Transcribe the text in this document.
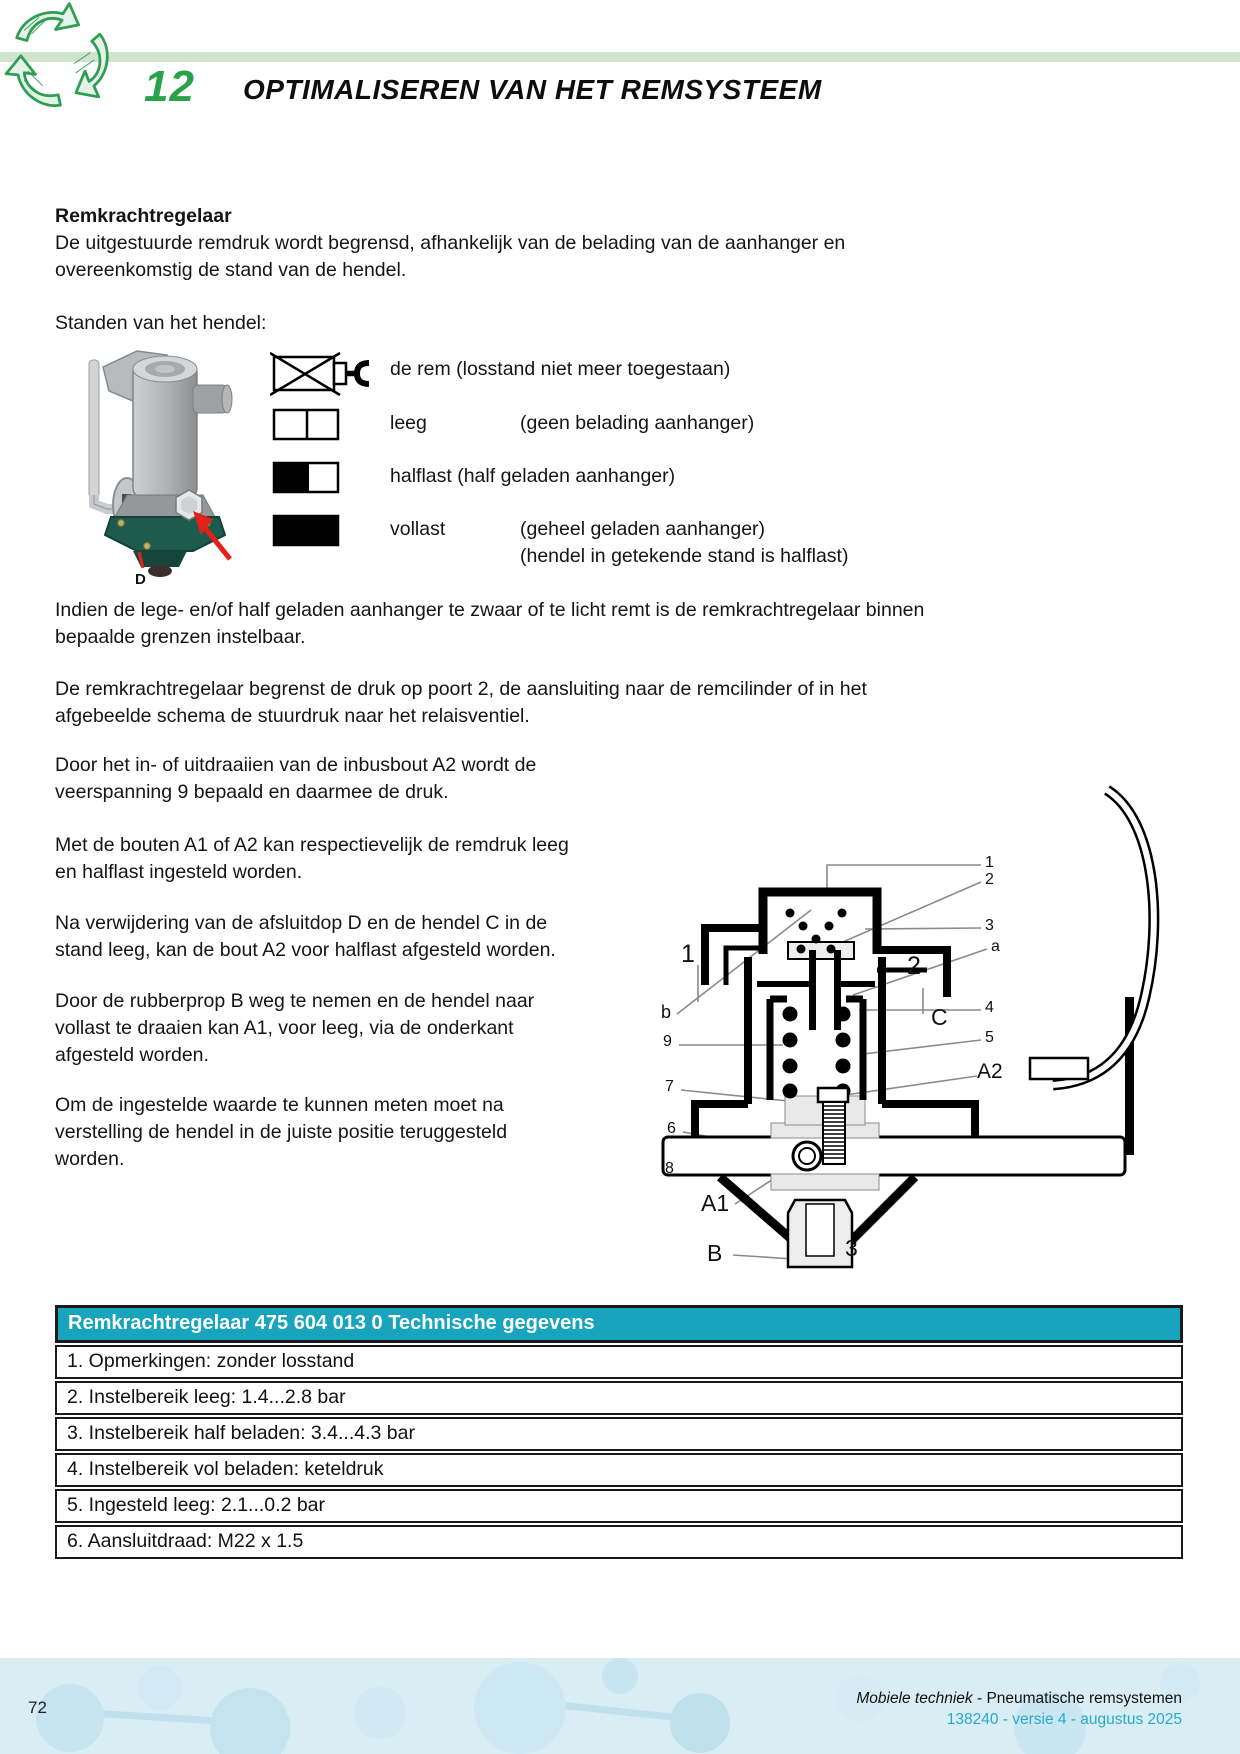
12 OPTIMALISEREN VAN HET REMSYSTEEM
Remkrachtregelaar
De uitgestuurde remdruk wordt begrensd, afhankelijk van de belading van de aanhanger en
overeenkomstig de stand van de hendel.
Standen van het hendel:
D
de rem (losstand niet meer toegestaan)
leeg	(geen belading aanhanger)
halflast (half geladen aanhanger)
vollast	(geheel geladen aanhanger)
(hendel in getekende stand is halflast)
Indien de lege- en/of half geladen aanhanger te zwaar of te licht remt is de remkrachtregelaar binnen
bepaalde grenzen instelbaar.
De remkrachtregelaar begrenst de druk op poort 2, de aansluiting naar de remcilinder of in het
afgebeelde schema de stuurdruk naar het relaisventiel.
Door het in- of uitdraaiien van de inbusbout A2 wordt de
veerspanning 9 bepaald en daarmee de druk.
Met de bouten A1 of A2 kan respectievelijk de remdruk leeg
en halflast ingesteld worden.
Na verwijdering van de afsluitdop D en de hendel C in de
stand leeg, kan de bout A2 voor halflast afgesteld worden.
Door de rubberprop B weg te nemen en de hendel naar
vollast te draaien kan A1, voor leeg, via de onderkant
afgesteld worden.
Om de ingestelde waarde te kunnen meten moet na
verstelling de hendel in de juiste positie teruggesteld
worden.
1
2
3
a
4
5
A2
1	2
b
9
7
6
8
A1
B	3
C
Remkrachtregelaar 475 604 013 0 Technische gegevens
1. Opmerkingen: zonder losstand
2. Instelbereik leeg: 1.4...2.8 bar
3. Instelbereik half beladen: 3.4...4.3 bar
4. Instelbereik vol beladen: keteldruk
5. Ingesteld leeg: 2.1...0.2 bar
6. Aansluitdraad: M22 x 1.5
72	Mobiele techniek - Pneumatische remsystemen
138240 - versie 4 - augustus 2025
